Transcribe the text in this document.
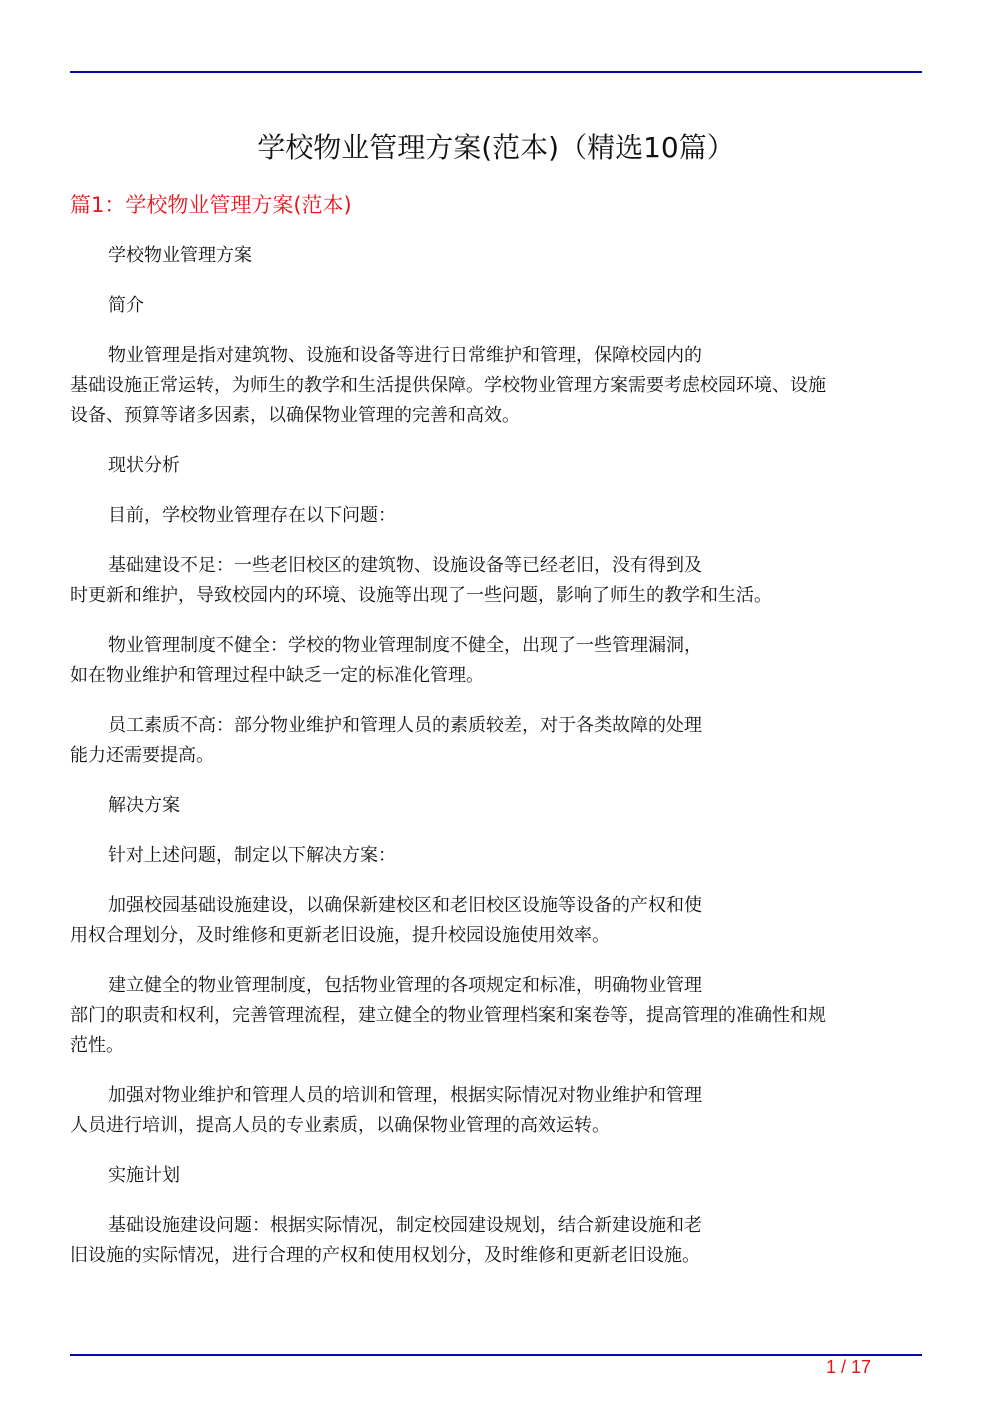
学校物业管理方案(范本)（精选10篇）
篇1：学校物业管理方案(范本)
学校物业管理方案
简介
物业管理是指对建筑物、设施和设备等进行日常维护和管理，保障校园内的
基础设施正常运转，为师生的教学和生活提供保障。学校物业管理方案需要考虑校园环境、设施
设备、预算等诸多因素，以确保物业管理的完善和高效。
现状分析
目前，学校物业管理存在以下问题：
基础建设不足：一些老旧校区的建筑物、设施设备等已经老旧，没有得到及
时更新和维护，导致校园内的环境、设施等出现了一些问题，影响了师生的教学和生活。
物业管理制度不健全：学校的物业管理制度不健全，出现了一些管理漏洞，
如在物业维护和管理过程中缺乏一定的标准化管理。
员工素质不高：部分物业维护和管理人员的素质较差，对于各类故障的处理
能力还需要提高。
解决方案
针对上述问题，制定以下解决方案：
加强校园基础设施建设，以确保新建校区和老旧校区设施等设备的产权和使
用权合理划分，及时维修和更新老旧设施，提升校园设施使用效率。
建立健全的物业管理制度，包括物业管理的各项规定和标准，明确物业管理
部门的职责和权利，完善管理流程，建立健全的物业管理档案和案卷等，提高管理的准确性和规
范性。
加强对物业维护和管理人员的培训和管理，根据实际情况对物业维护和管理
人员进行培训，提高人员的专业素质，以确保物业管理的高效运转。
实施计划
基础设施建设问题：根据实际情况，制定校园建设规划，结合新建设施和老
旧设施的实际情况，进行合理的产权和使用权划分，及时维修和更新老旧设施。
1 / 17
